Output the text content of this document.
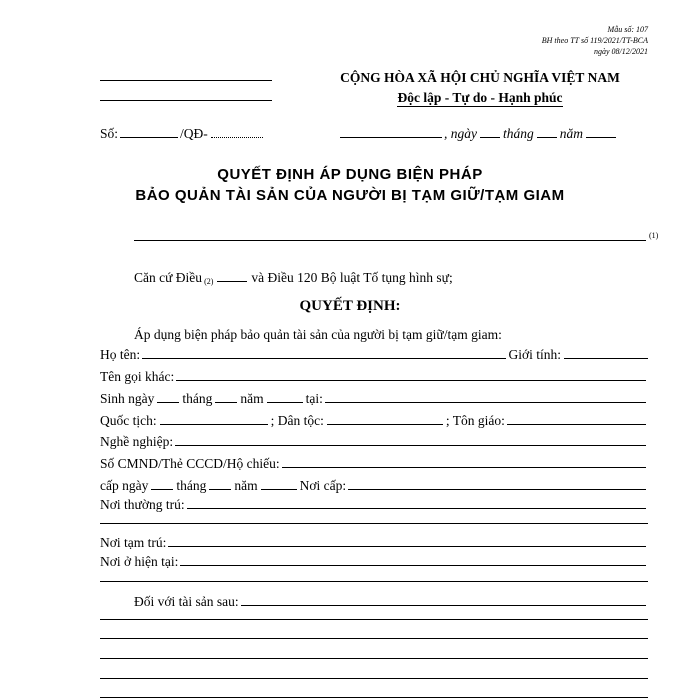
Mẫu số: 107
BH theo TT số 119/2021/TT-BCA
ngày 08/12/2021
CỘNG HÒA XÃ HỘI CHỦ NGHĨA VIỆT NAM
Độc lập - Tự do - Hạnh phúc
Số:	/QĐ-	, ngày tháng năm
QUYẾT ĐỊNH ÁP DỤNG BIỆN PHÁP
BẢO QUẢN TÀI SẢN CỦA NGƯỜI BỊ TẠM GIỮ/TẠM GIAM
(1)
Căn cứ Điều $_{(2)}$	và Điều 120 Bộ luật Tố tụng hình sự;
QUYẾT ĐỊNH:
Áp dụng biện pháp bảo quản tài sản của người bị tạm giữ/tạm giam:
Họ tên:	Giới tính:
Tên gọi khác:
Sinh ngày tháng năm	tại:
Quốc tịch:	; Dân tộc:	; Tôn giáo:
Nghề nghiệp:
Số CMND/Thẻ CCCD/Hộ chiếu:
cấp ngày tháng năm	Nơi cấp:
Nơi thường trú:
Nơi tạm trú:
Nơi ở hiện tại:
Đối với tài sản sau:
